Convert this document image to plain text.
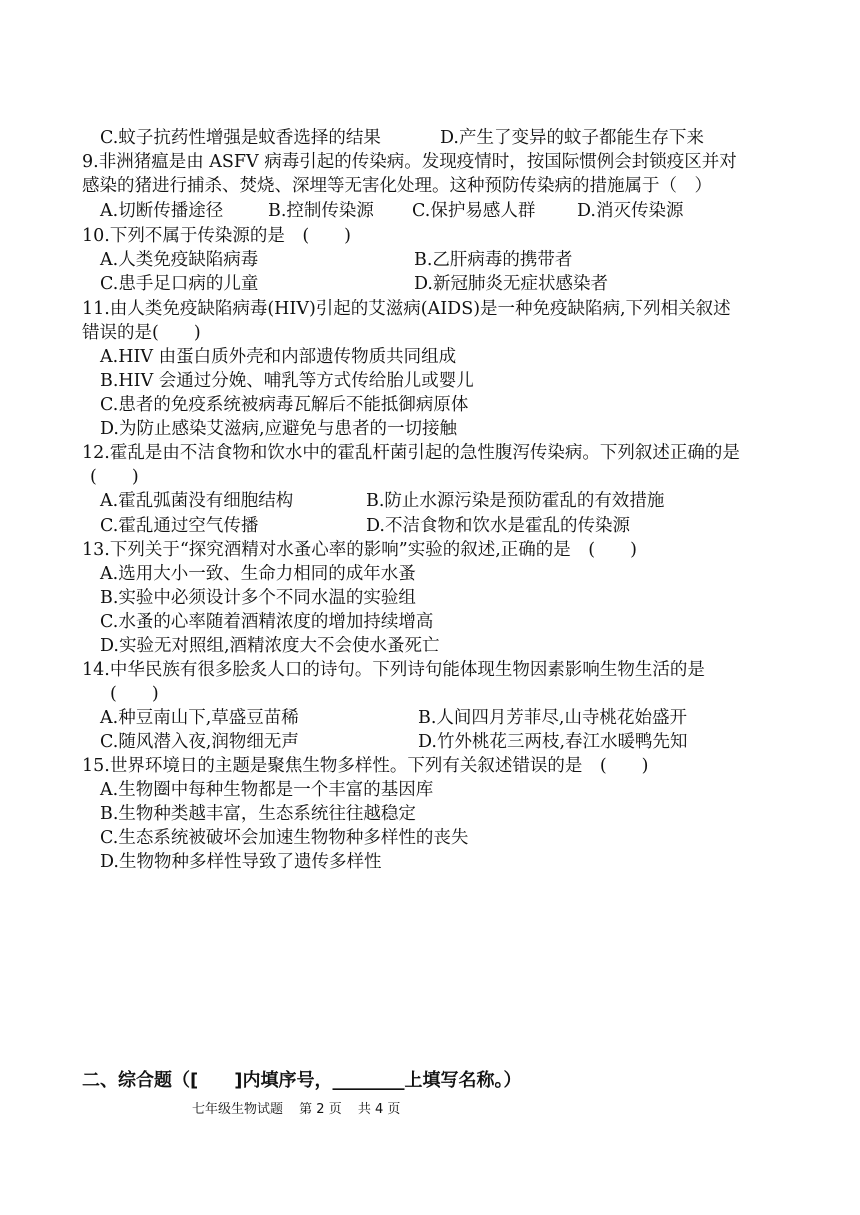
C.蚊子抗药性增强是蚊香选择的结果	D.产生了变异的蚊子都能生存下来
9.非洲猪瘟是由 ASFV 病毒引起的传染病。发现疫情时，按国际惯例会封锁疫区并对
感染的猪进行捕杀、焚烧、深埋等无害化处理。这种预防传染病的措施属于（　）
A.切断传播途径	B.控制传染源 C.保护易感人群 D.消灭传染源
10.下列不属于传染源的是　(　　)
A.人类免疫缺陷病毒	B.乙肝病毒的携带者
C.患手足口病的儿童	D.新冠肺炎无症状感染者
11.由人类免疫缺陷病毒(HIV)引起的艾滋病(AIDS)是一种免疫缺陷病,下列相关叙述
错误的是(　　)
A.HIV 由蛋白质外壳和内部遗传物质共同组成
B.HIV 会通过分娩、哺乳等方式传给胎儿或婴儿
C.患者的免疫系统被病毒瓦解后不能抵御病原体
D.为防止感染艾滋病,应避免与患者的一切接触
12.霍乱是由不洁食物和饮水中的霍乱杆菌引起的急性腹泻传染病。下列叙述正确的是
(　　)
A.霍乱弧菌没有细胞结构	B.防止水源污染是预防霍乱的有效措施
C.霍乱通过空气传播	D.不洁食物和饮水是霍乱的传染源
13.下列关于“探究酒精对水蚤心率的影响”实验的叙述,正确的是　(　　)
A.选用大小一致、生命力相同的成年水蚤
B.实验中必须设计多个不同水温的实验组
C.水蚤的心率随着酒精浓度的增加持续增高
D.实验无对照组,酒精浓度大不会使水蚤死亡
14.中华民族有很多脍炙人口的诗句。下列诗句能体现生物因素影响生物生活的是
(　　)
A.种豆南山下,草盛豆苗稀	B.人间四月芳菲尽,山寺桃花始盛开
C.随风潜入夜,润物细无声	D.竹外桃花三两枝,春江水暖鸭先知
15.世界环境日的主题是聚焦生物多样性。下列有关叙述错误的是　(　　)
A.生物圈中每种生物都是一个丰富的基因库
B.生物种类越丰富，生态系统往往越稳定
C.生态系统被破坏会加速生物物种多样性的丧失
D.生物物种多样性导致了遗传多样性
二、综合题（[　　]内填序号，________上填写名称。）
七年级生物试题 第 2 页 共 4 页
